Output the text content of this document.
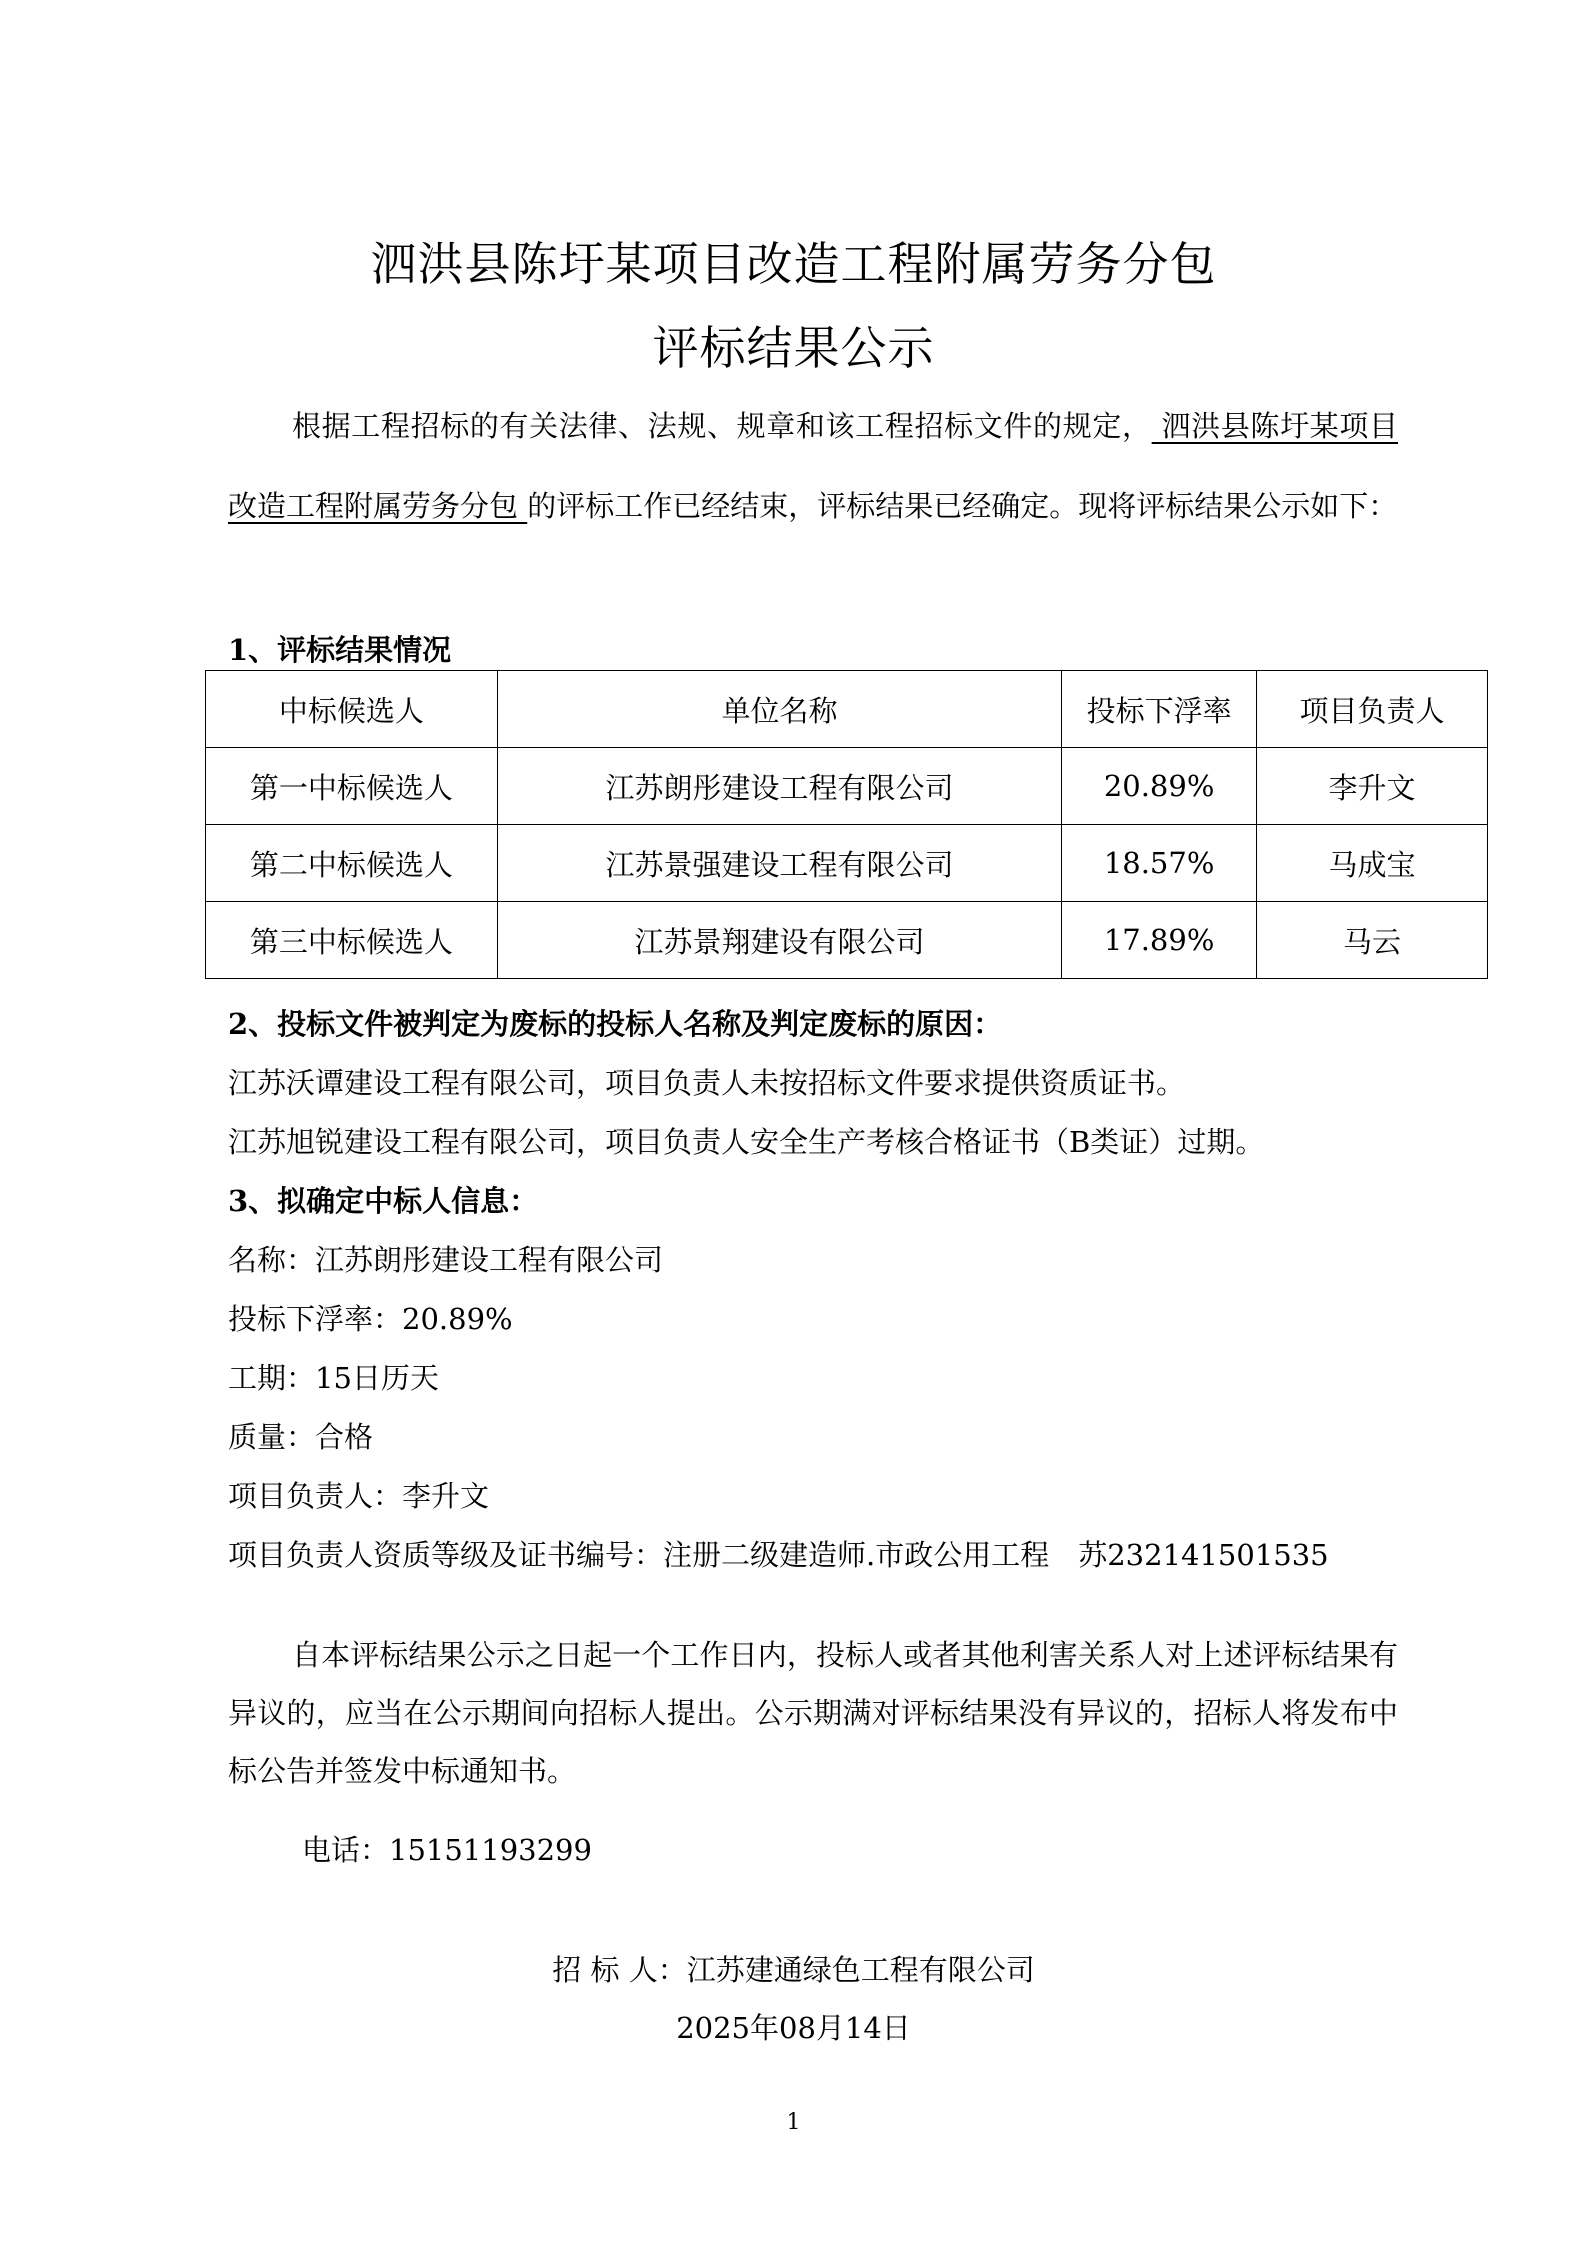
泗洪县陈圩某项目改造工程附属劳务分包
评标结果公示
根据工程招标的有关法律、法规、规章和该工程招标文件的规定， 泗洪县陈圩某项目改造工程附属劳务分包 的评标工作已经结束，评标结果已经确定。现将评标结果公示如下：
1、评标结果情况
中标候选人	单位名称	投标下浮率	项目负责人
第一中标候选人	江苏朗彤建设工程有限公司	20.89%	李升文
第二中标候选人	江苏景强建设工程有限公司	18.57%	马成宝
第三中标候选人	江苏景翔建设有限公司	17.89%	马云
2、投标文件被判定为废标的投标人名称及判定废标的原因：
江苏沃谭建设工程有限公司，项目负责人未按招标文件要求提供资质证书。
江苏旭锐建设工程有限公司，项目负责人安全生产考核合格证书（B类证）过期。
3、拟确定中标人信息：
名称：江苏朗彤建设工程有限公司
投标下浮率：20.89%
工期：15日历天
质量：合格
项目负责人：李升文
项目负责人资质等级及证书编号：注册二级建造师.市政公用工程　苏232141501535
自本评标结果公示之日起一个工作日内，投标人或者其他利害关系人对上述评标结果有异议的，应当在公示期间向招标人提出。公示期满对评标结果没有异议的，招标人将发布中标公告并签发中标通知书。
电话：15151193299
招 标 人：江苏建通绿色工程有限公司
2025年08月14日
1
